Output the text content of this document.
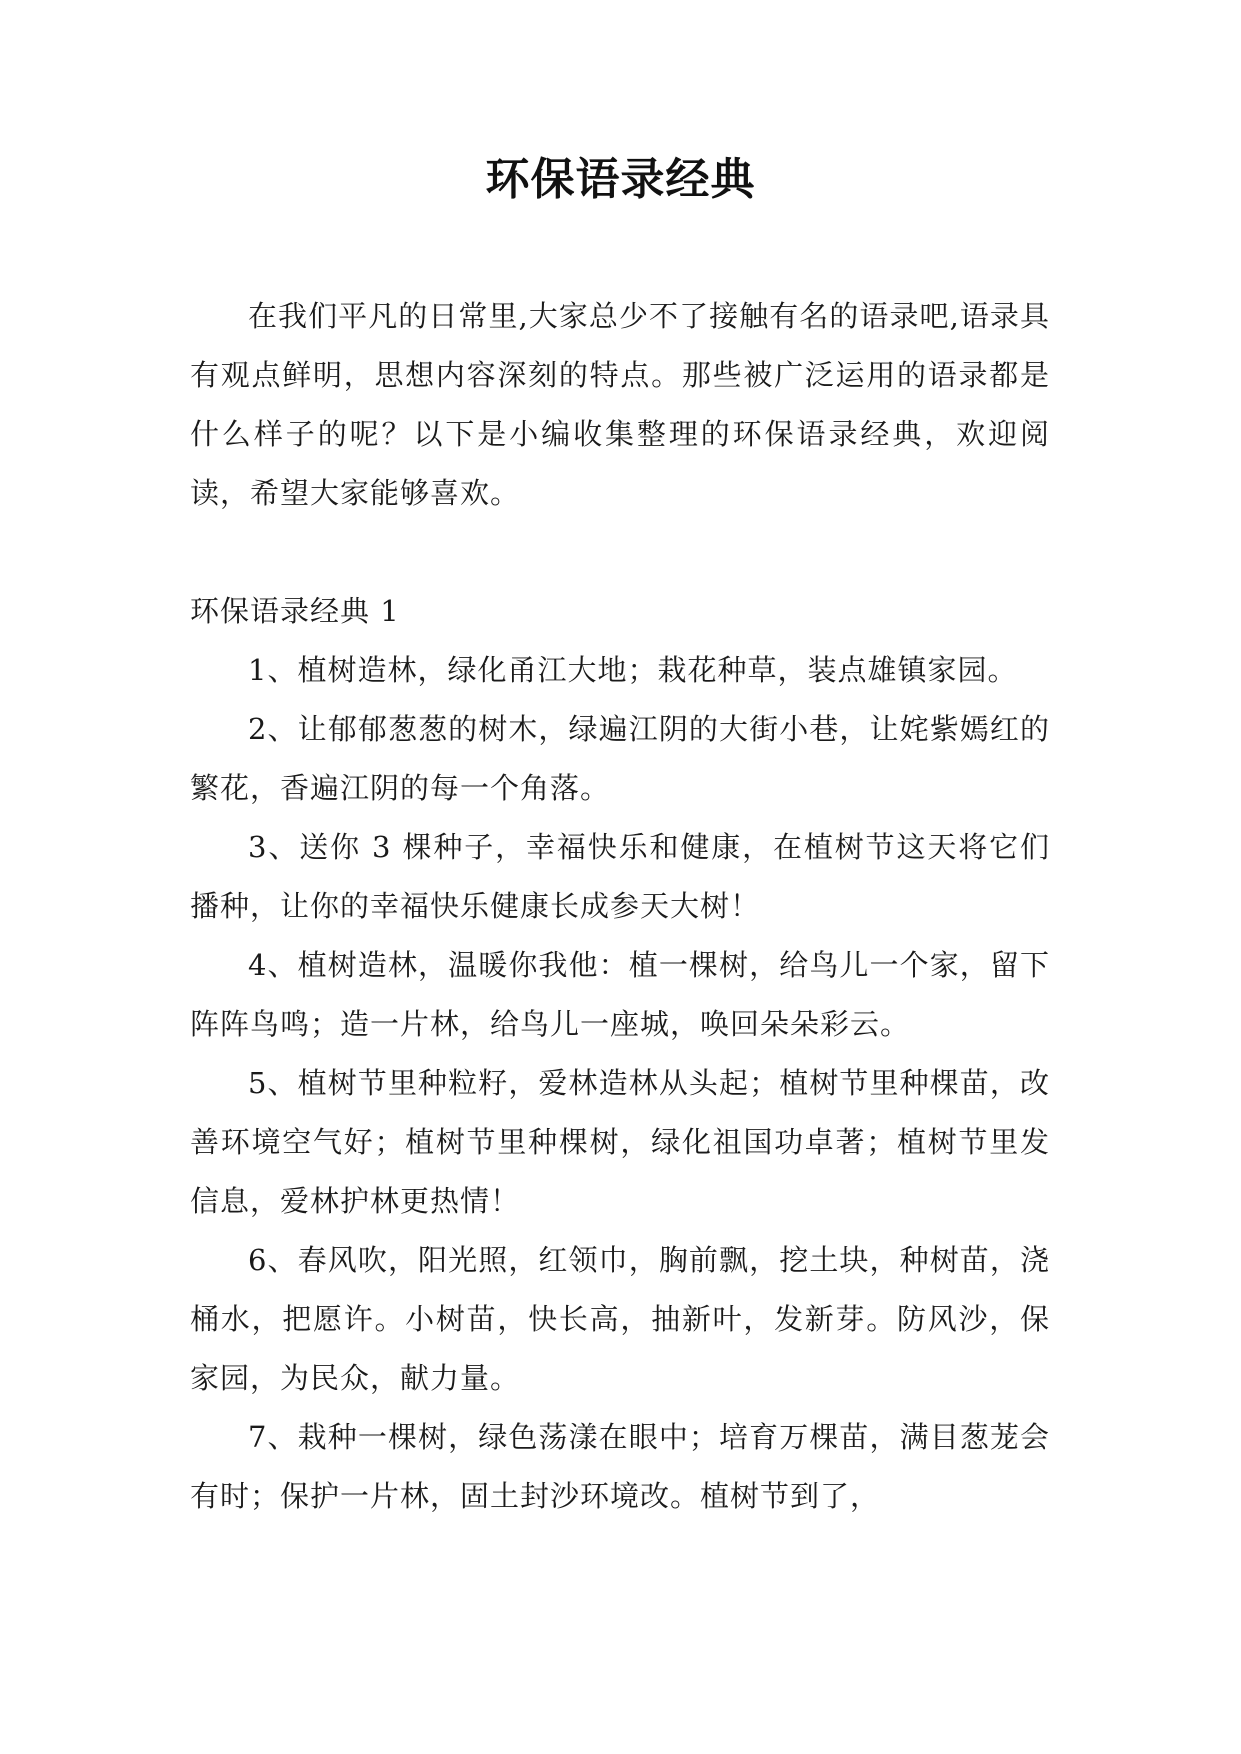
环保语录经典

在我们平凡的日常里,大家总少不了接触有名的语录吧,语录具有观点鲜明，思想内容深刻的特点。那些被广泛运用的语录都是什么样子的呢？以下是小编收集整理的环保语录经典，欢迎阅读，希望大家能够喜欢。

环保语录经典 1

1、植树造林，绿化甬江大地；栽花种草，装点雄镇家园。

2、让郁郁葱葱的树木，绿遍江阴的大街小巷，让姹紫嫣红的繁花，香遍江阴的每一个角落。

3、送你 3 棵种子，幸福快乐和健康，在植树节这天将它们播种，让你的幸福快乐健康长成参天大树！

4、植树造林，温暖你我他：植一棵树，给鸟儿一个家，留下阵阵鸟鸣；造一片林，给鸟儿一座城，唤回朵朵彩云。

5、植树节里种粒籽，爱林造林从头起；植树节里种棵苗，改善环境空气好；植树节里种棵树，绿化祖国功卓著；植树节里发信息，爱林护林更热情！

6、春风吹，阳光照，红领巾，胸前飘，挖土块，种树苗，浇桶水，把愿许。小树苗，快长高，抽新叶，发新芽。防风沙，保家园，为民众，献力量。

7、栽种一棵树，绿色荡漾在眼中；培育万棵苗，满目葱茏会有时；保护一片林，固土封沙环境改。植树节到了，
